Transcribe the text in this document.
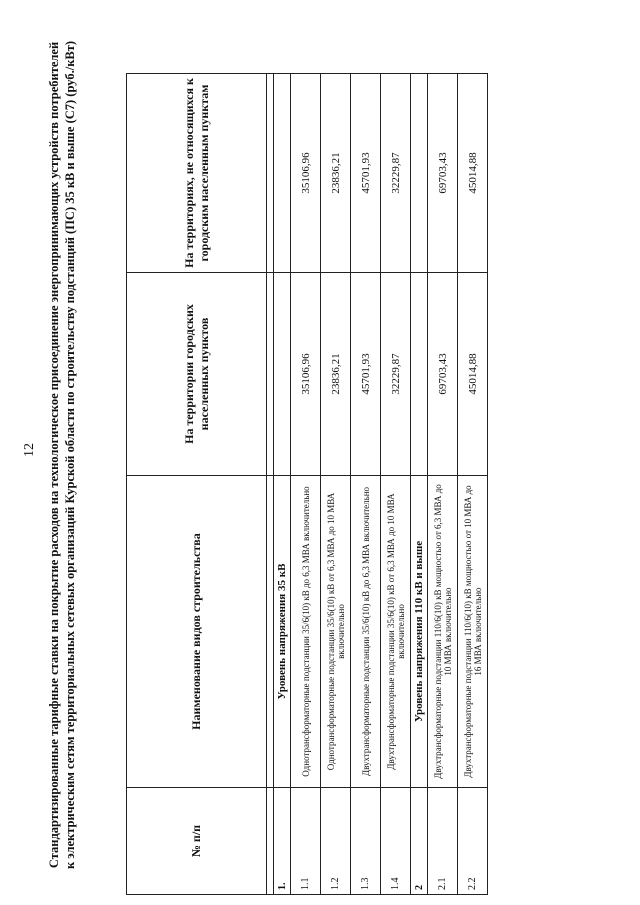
12 Стандартизированные тарифные ставки на покрытие расходов на технологическое присоединение энергопринимающих устройств потребителей к электрическим сетям территориальных сетевых организаций Курской области по строительству подстанций (ПС) 35 кВ и выше (С7) (руб./кВт)	№ п/п	Наименование видов строительства	На территории городских населенных пунктов	На территориях, не относящихся к городским населенным пунктам

1.	Уровень напряжения 35 кВ		
1.1	Однотрансформаторные подстанции 35/6(10) кВ до 6,3 МВА включительно	35106,96	35106,96
1.2	Однотрансформаторные подстанции 35/6(10) кВ от 6,3 МВА до 10 МВА включительно	23836,21	23836,21
1.3	Двухтрансформаторные подстанции 35/6(10) кВ до 6,3 МВА включительно	45701,93	45701,93
1.4	Двухтрансформаторные подстанции 35/6(10) кВ от 6,3 МВА до 10 МВА включительно	32229,87	32229,87
2	Уровень напряжения 110 кВ и выше		
2.1	Двухтрансформаторные подстанции 110/6(10) кВ мощностью от 6,3 МВА до 10 МВА включительно	69703,43	69703,43
2.2	Двухтрансформаторные подстанции 110/6(10) кВ мощностью от 10 МВА до 16 МВА включительно	45014,88	45014,88
